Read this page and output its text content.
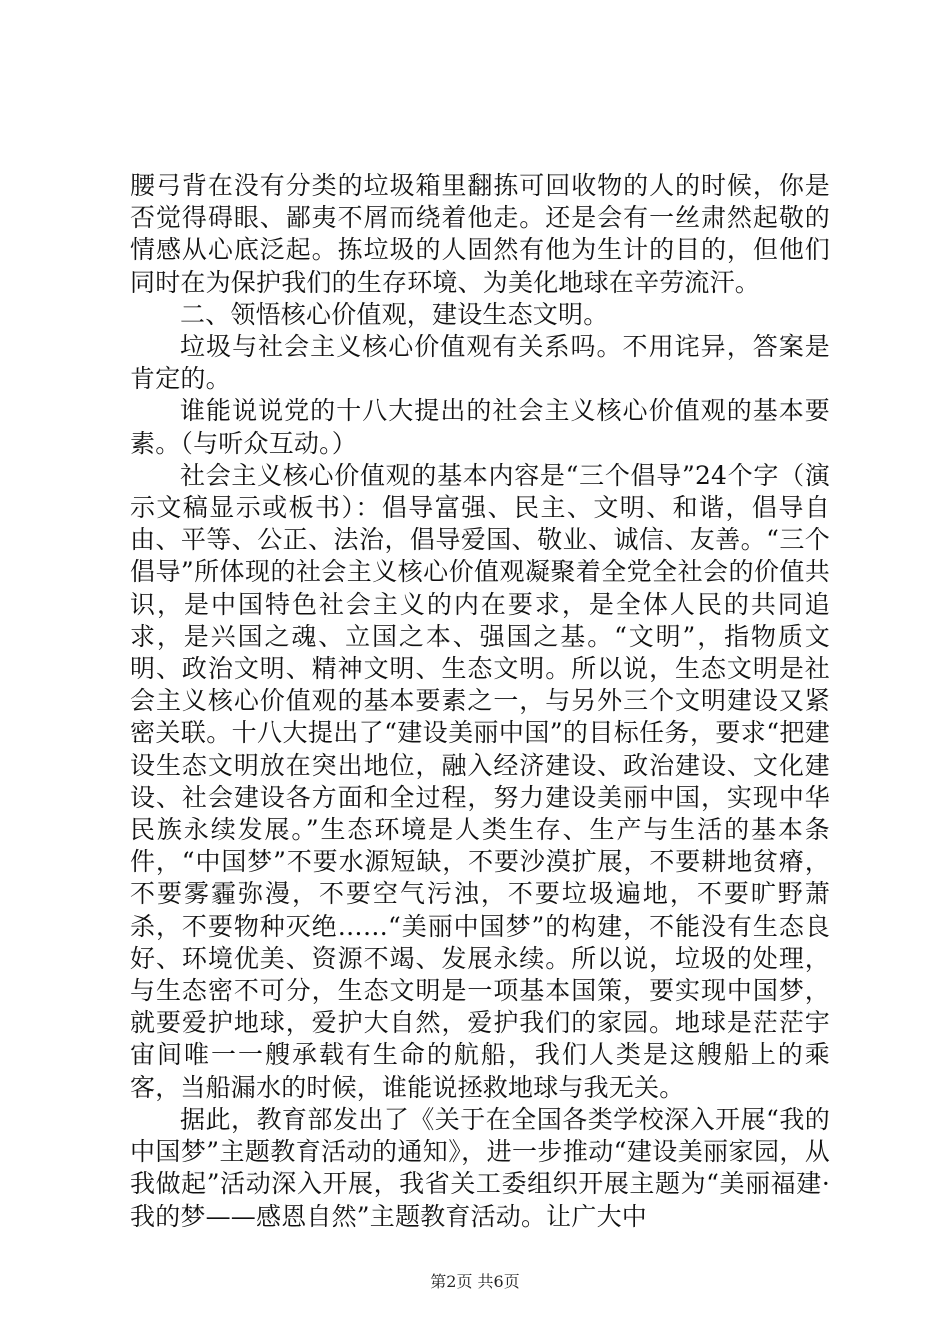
腰弓背在没有分类的垃圾箱里翻拣可回收物的人的时候，你是否觉得碍眼、鄙夷不屑而绕着他走。还是会有一丝肃然起敬的情感从心底泛起。拣垃圾的人固然有他为生计的目的，但他们同时在为保护我们的生存环境、为美化地球在辛劳流汗。

二、领悟核心价值观，建设生态文明。

垃圾与社会主义核心价值观有关系吗。不用诧异，答案是肯定的。

谁能说说党的十八大提出的社会主义核心价值观的基本要素。（与听众互动。）

社会主义核心价值观的基本内容是“三个倡导”24个字（演示文稿显示或板书）：倡导富强、民主、文明、和谐，倡导自由、平等、公正、法治，倡导爱国、敬业、诚信、友善。“三个倡导”所体现的社会主义核心价值观凝聚着全党全社会的价值共识，是中国特色社会主义的内在要求，是全体人民的共同追求，是兴国之魂、立国之本、强国之基。“文明”，指物质文明、政治文明、精神文明、生态文明。所以说，生态文明是社会主义核心价值观的基本要素之一，与另外三个文明建设又紧密关联。十八大提出了“建设美丽中国”的目标任务，要求“把建设生态文明放在突出地位，融入经济建设、政治建设、文化建设、社会建设各方面和全过程，努力建设美丽中国，实现中华民族永续发展。”生态环境是人类生存、生产与生活的基本条件，“中国梦”不要水源短缺，不要沙漠扩展，不要耕地贫瘠，不要雾霾弥漫，不要空气污浊，不要垃圾遍地，不要旷野萧杀，不要物种灭绝……“美丽中国梦”的构建，不能没有生态良好、环境优美、资源不竭、发展永续。所以说，垃圾的处理，与生态密不可分，生态文明是一项基本国策，要实现中国梦，就要爱护地球，爱护大自然，爱护我们的家园。地球是茫茫宇宙间唯一一艘承载有生命的航船，我们人类是这艘船上的乘客，当船漏水的时候，谁能说拯救地球与我无关。

据此，教育部发出了《关于在全国各类学校深入开展“我的中国梦”主题教育活动的通知》，进一步推动“建设美丽家园，从我做起”活动深入开展，我省关工委组织开展主题为“美丽福建·我的梦——感恩自然”主题教育活动。让广大中

第2页 共6页
